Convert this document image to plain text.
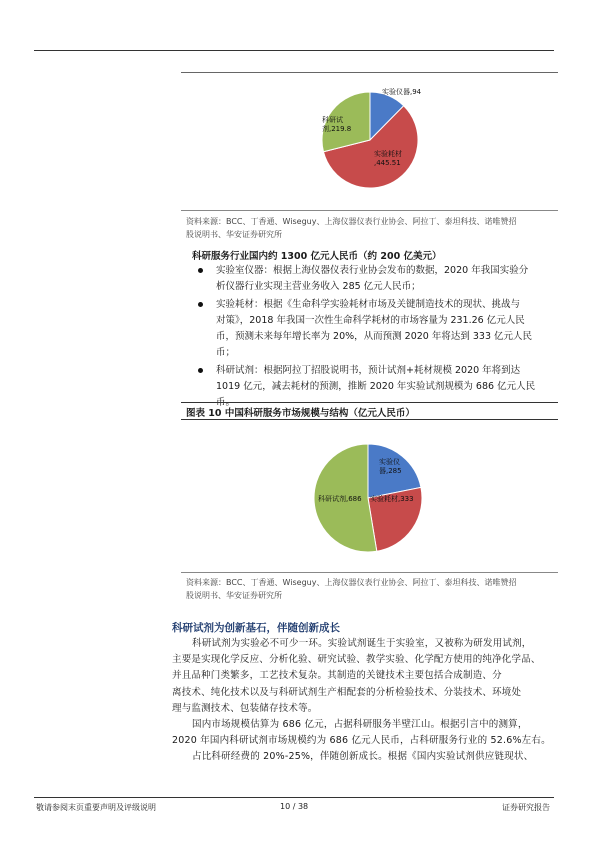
实验仪器,94
实验耗材,445.51
科研试剂,219.8
资料来源：BCC、丁香通、Wiseguy、上海仪器仪表行业协会、阿拉丁、泰坦科技、诺唯赞招
股说明书、华安证券研究所
科研服务行业国内约 1300 亿元人民币（约 200 亿美元）
实验室仪器：根据上海仪器仪表行业协会发布的数据，2020 年我国实验分
析仪器行业实现主营业务收入 285 亿元人民币；
实验耗材：根据《生命科学实验耗材市场及关键制造技术的现状、挑战与
对策》，2018 年我国一次性生命科学耗材的市场容量为 231.26 亿元人民
币，预测未来每年增长率为 20%，从而预测 2020 年将达到 333 亿元人民
币；
科研试剂：根据阿拉丁招股说明书，预计试剂+耗材规模 2020 年将到达
1019 亿元，减去耗材的预测，推断 2020 年实验试剂规模为 686 亿元人民
币。
图表 10 中国科研服务市场规模与结构（亿元人民币）
实验仪器,285
实验耗材,333
科研试剂,686
资料来源：BCC、丁香通、Wiseguy、上海仪器仪表行业协会、阿拉丁、泰坦科技、诺唯赞招
股说明书、华安证券研究所
科研试剂为创新基石，伴随创新成长
科研试剂为实验必不可少一环。实验试剂诞生于实验室，又被称为研发用试剂，
主要是实现化学反应、分析化验、研究试验、教学实验、化学配方使用的纯净化学品、
并且品种门类繁多，工艺技术复杂。其制造的关键技术主要包括合成制造、分
离技术、纯化技术以及与科研试剂生产相配套的分析检验技术、分装技术、环境处
理与监测技术、包装储存技术等。
国内市场规模估算为 686 亿元，占据科研服务半壁江山。根据引言中的测算，
2020 年国内科研试剂市场规模约为 686 亿元人民币，占科研服务行业的 52.6%左右。
占比科研经费的 20%-25%，伴随创新成长。根据《国内实验试剂供应链现状、
敬请参阅末页重要声明及评级说明	10 / 38	证券研究报告
